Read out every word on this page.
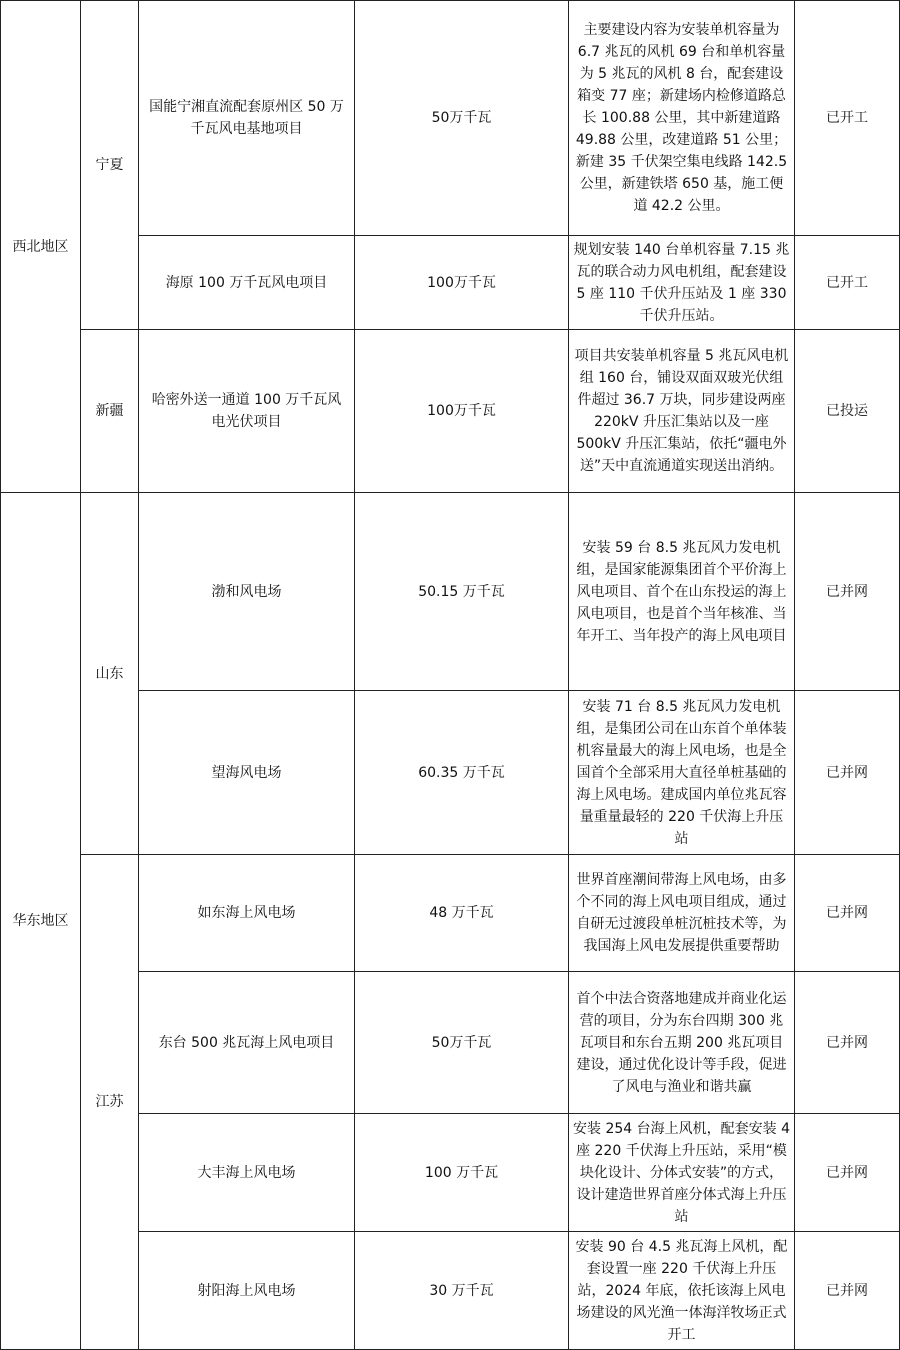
西北地区	宁夏	国能宁湘直流配套原州区 50 万千瓦风电基地项目	50万千瓦	主要建设内容为安装单机容量为 6.7 兆瓦的风机 69 台和单机容量为 5 兆瓦的风机 8 台，配套建设箱变 77 座；新建场内检修道路总长 100.88 公里，其中新建道路 49.88 公里，改建道路 51 公里；新建 35 千伏架空集电线路 142.5 公里，新建铁塔 650 基，施工便道 42.2 公里。	已开工
		海原 100 万千瓦风电项目	100万千瓦	规划安装 140 台单机容量 7.15 兆瓦的联合动力风电机组，配套建设 5 座 110 千伏升压站及 1 座 330 千伏升压站。	已开工
	新疆	哈密外送一通道 100 万千瓦风电光伏项目	100万千瓦	项目共安装单机容量 5 兆瓦风电机组 160 台，铺设双面双玻光伏组件超过 36.7 万块，同步建设两座 220kV 升压汇集站以及一座 500kV 升压汇集站，依托“疆电外送”天中直流通道实现送出消纳。	已投运
华东地区	山东	渤和风电场	50.15 万千瓦	安装 59 台 8.5 兆瓦风力发电机组，是国家能源集团首个平价海上风电项目、首个在山东投运的海上风电项目，也是首个当年核准、当年开工、当年投产的海上风电项目	已并网
		望海风电场	60.35 万千瓦	安装 71 台 8.5 兆瓦风力发电机组，是集团公司在山东首个单体装机容量最大的海上风电场，也是全国首个全部采用大直径单桩基础的海上风电场。建成国内单位兆瓦容量重量最轻的 220 千伏海上升压站	已并网
	江苏	如东海上风电场	48 万千瓦	世界首座潮间带海上风电场，由多个不同的海上风电项目组成，通过自研无过渡段单桩沉桩技术等，为我国海上风电发展提供重要帮助	已并网
		东台 500 兆瓦海上风电项目	50万千瓦	首个中法合资落地建成并商业化运营的项目，分为东台四期 300 兆瓦项目和东台五期 200 兆瓦项目建设，通过优化设计等手段，促进了风电与渔业和谐共赢	已并网
		大丰海上风电场	100 万千瓦	安装 254 台海上风机，配套安装 4 座 220 千伏海上升压站，采用“模块化设计、分体式安装”的方式，设计建造世界首座分体式海上升压站	已并网
		射阳海上风电场	30 万千瓦	安装 90 台 4.5 兆瓦海上风机，配套设置一座 220 千伏海上升压站，2024 年底，依托该海上风电场建设的风光渔一体海洋牧场正式开工	已并网
